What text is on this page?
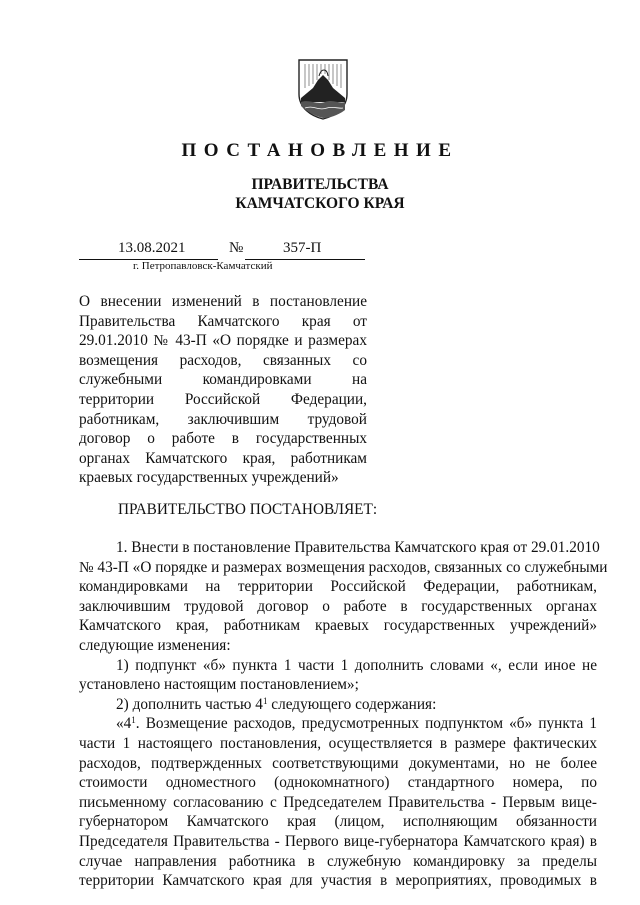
ПОСТАНОВЛЕНИЕ
ПРАВИТЕЛЬСТВА
КАМЧАТСКОГО КРАЯ
13.08.2021	№	357-П
г. Петропавловск-Камчатский
О внесении изменений в постановление
Правительства Камчатского края от
29.01.2010 № 43-П «О порядке и размерах
возмещения расходов, связанных со
служебными командировками на
территории Российской Федерации,
работникам, заключившим трудовой
договор о работе в государственных
органах Камчатского края, работникам
краевых государственных учреждений»
ПРАВИТЕЛЬСТВО ПОСТАНОВЛЯЕТ:
1. Внести в постановление Правительства Камчатского края от 29.01.2010
№ 43-П «О порядке и размерах возмещения расходов, связанных со служебными
командировками на территории Российской Федерации, работникам,
заключившим трудовой договор о работе в государственных органах
Камчатского края, работникам краевых государственных учреждений»
следующие изменения:
1) подпункт «б» пункта 1 части 1 дополнить словами «, если иное не
установлено настоящим постановлением»;
2) дополнить частью $4^1$ следующего содержания:
«$4^1$. Возмещение расходов, предусмотренных подпунктом «б» пункта 1
части 1 настоящего постановления, осуществляется в размере фактических
расходов, подтвержденных соответствующими документами, но не более
стоимости одноместного (однокомнатного) стандартного номера, по
письменному согласованию с Председателем Правительства - Первым вице-
губернатором Камчатского края (лицом, исполняющим обязанности
Председателя Правительства - Первого вице-губернатора Камчатского края) в
случае направления работника в служебную командировку за пределы
территории Камчатского края для участия в мероприятиях, проводимых в
